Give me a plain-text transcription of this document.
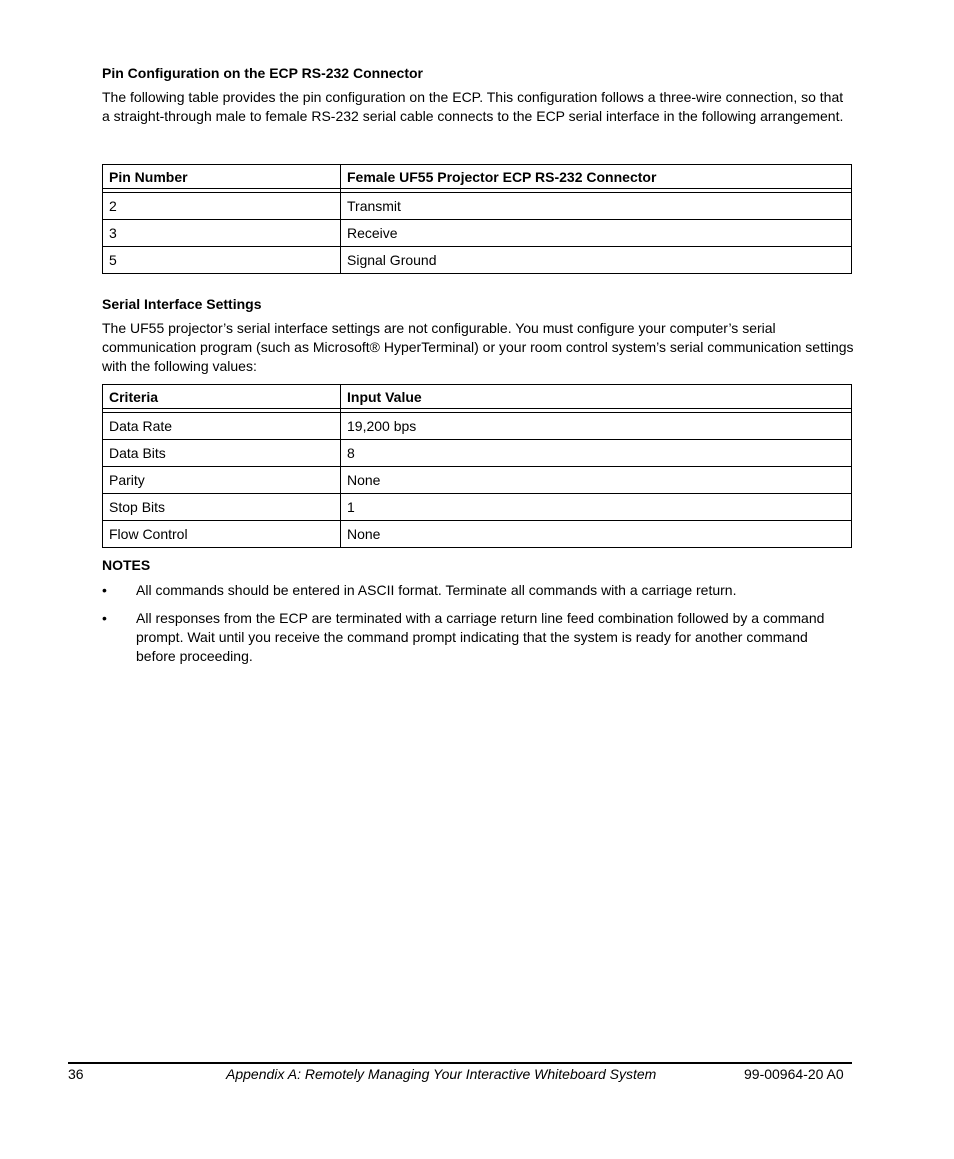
Pin Configuration on the ECP RS-232 Connector

The following table provides the pin configuration on the ECP. This configuration follows a three-wire connection, so that a straight-through male to female RS-232 serial cable connects to the ECP serial interface in the following arrangement.

Pin Number	Female UF55 Projector ECP RS-232 Connector

2	Transmit
3	Receive
5	Signal Ground
Serial Interface Settings

The UF55 projector’s serial interface settings are not configurable. You must configure your computer’s serial communication program (such as Microsoft® HyperTerminal) or your room control system’s serial communication settings with the following values:

Criteria	Input Value

Data Rate	19,200 bps
Data Bits	8
Parity	None
Stop Bits	1
Flow Control	None
NOTES
• All commands should be entered in ASCII format. Terminate all commands with a carriage return.
• All responses from the ECP are terminated with a carriage return line feed combination followed by a command prompt. Wait until you receive the command prompt indicating that the system is ready for another command before proceeding.
36	Appendix A: Remotely Managing Your Interactive Whiteboard System	99-00964-20 A0
